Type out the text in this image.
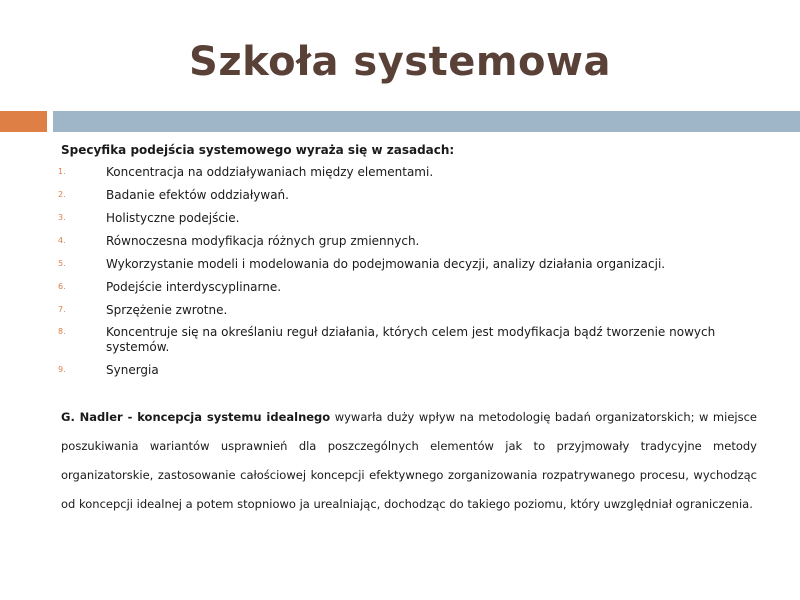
Szkoła systemowa
Specyfika podejścia systemowego wyraża się w zasadach:
1.	Koncentracja na oddziaływaniach między elementami.
2.	Badanie efektów oddziaływań.
3.	Holistyczne podejście.
4.	Równoczesna modyfikacja różnych grup zmiennych.
5.	Wykorzystanie modeli i modelowania do podejmowania decyzji, analizy działania organizacji.
6.	Podejście interdyscyplinarne.
7.	Sprzężenie zwrotne.
8.	Koncentruje się na określaniu reguł działania, których celem jest modyfikacja bądź tworzenie nowych systemów.
9.	Synergia

G. Nadler - koncepcja systemu idealnego wywarła duży wpływ na metodologię badań organizatorskich; w miejsce poszukiwania wariantów usprawnień dla poszczególnych elementów jak to przyjmowały tradycyjne metody organizatorskie, zastosowanie całościowej koncepcji efektywnego zorganizowania rozpatrywanego procesu, wychodząc od koncepcji idealnej a potem stopniowo ja urealniając, dochodząc do takiego poziomu, który uwzględniał ograniczenia.
